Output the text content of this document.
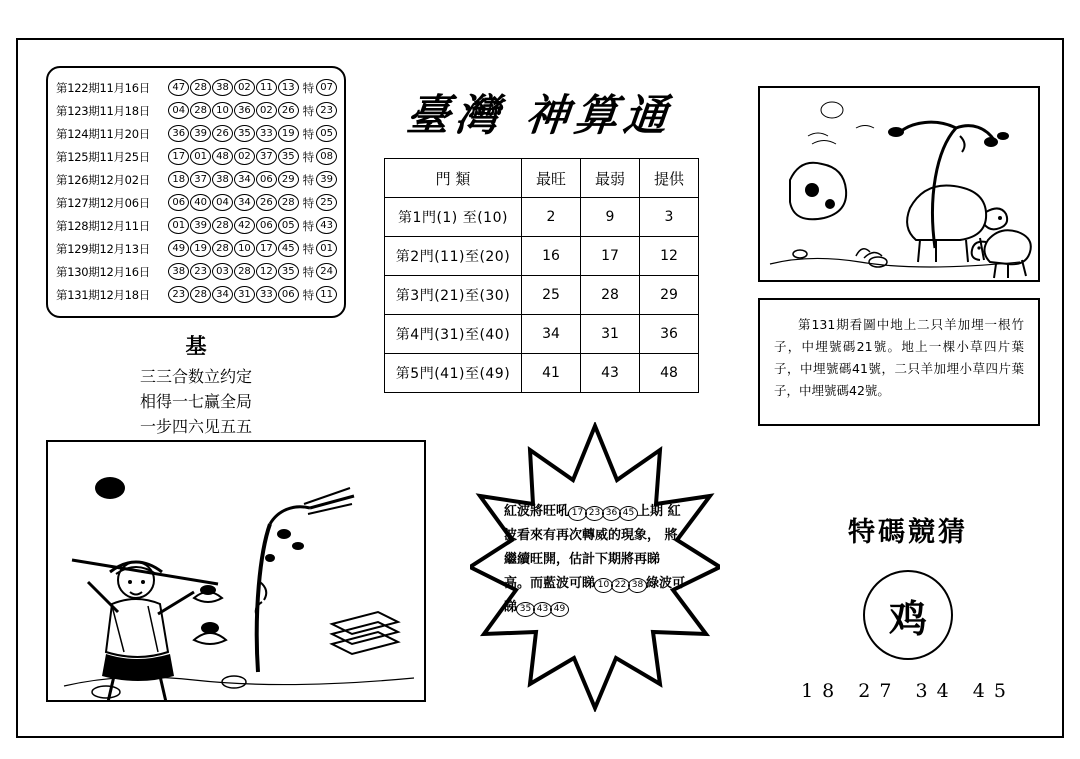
第122期11月16日	47 28 38 02 11 13 特 07
第123期11月18日	04 28 10 36 02 26 特 23
第124期11月20日	36 39 26 35 33 19 特 05
第125期11月25日	17 01 48 02 37 35 特 08
第126期12月02日	18 37 38 34 06 29 特 39
第127期12月06日	06 40 04 34 26 28 特 25
第128期12月11日	01 39 28 42 06 05 特 43
第129期12月13日	49 19 28 10 17 45 特 01
第130期12月16日	38 23 03 28 12 35 特 24
第131期12月18日	23 28 34 31 33 06 特 11
基
三三合数立约定
相得一七赢全局
一步四六见五五
臺灣 神算通
門 類	最旺	最弱	提供
第1門(1) 至(10)	2	9	3
第2門(11)至(20)	16	17	12
第3門(21)至(30)	25	28	29
第4門(31)至(40)	34	31	36
第5門(41)至(49)	41	43	48

第131期看圖中地上二只羊加埋一根竹子，中埋號碼21號。地上一棵小草四片葉子，中埋號碼41號，二只羊加埋小草四片葉子，中埋號碼42號。

紅波將旺吼 17 23 36 45 上期 紅波看來有再次轉威的現象， 將繼續旺開，估計下期將再睇 高。而藍波可睇 10 22 38 綠波可 睇 35 43 49
特碼競猜
鸡
18 27 34 45
